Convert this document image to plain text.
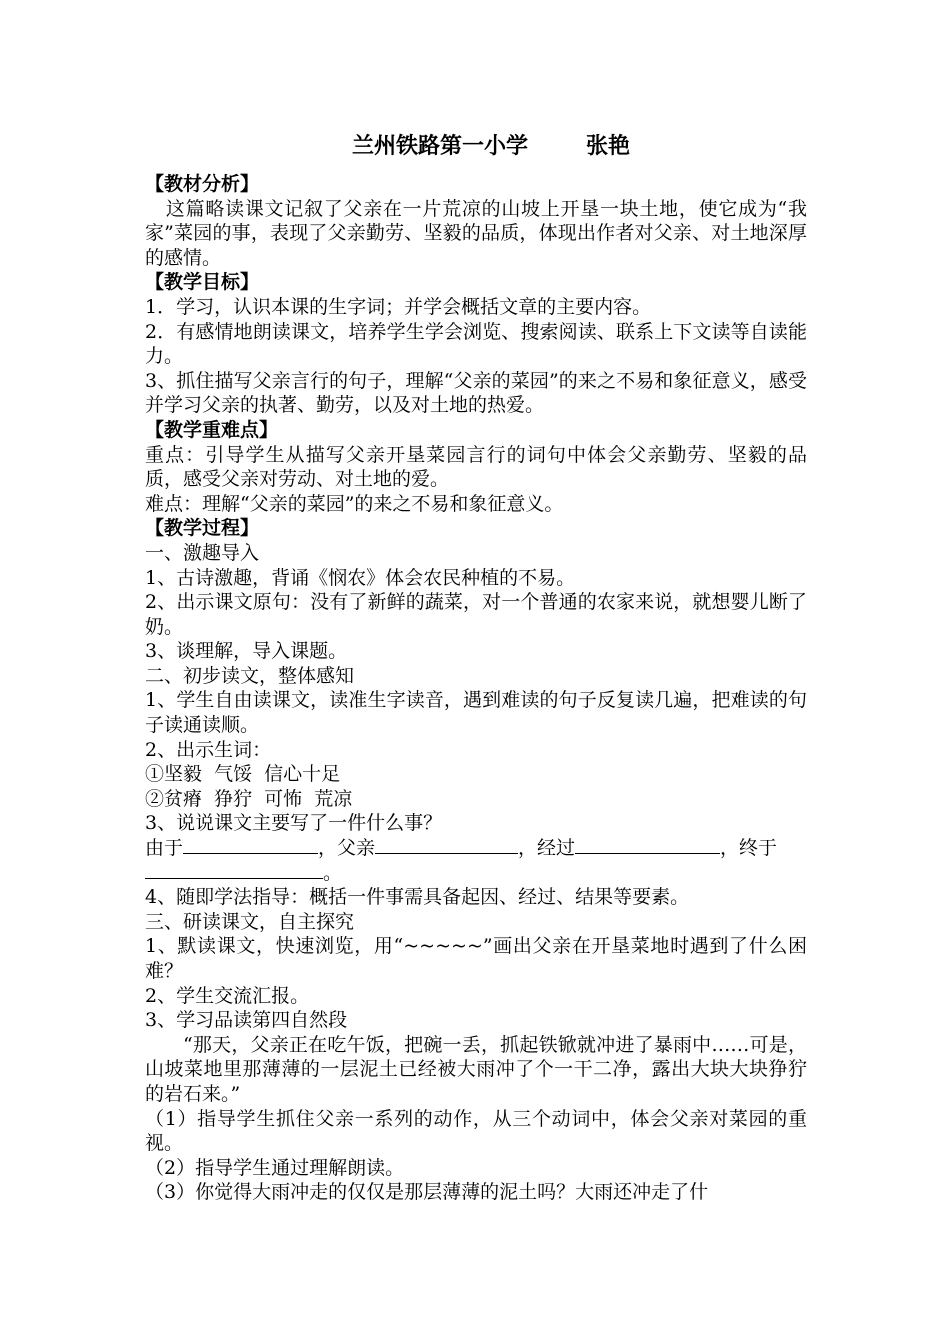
兰州铁路第一小学	张艳

【教材分析】

这篇略读课文记叙了父亲在一片荒凉的山坡上开垦一块土地，使它成为“我家”菜园的事，表现了父亲勤劳、坚毅的品质，体现出作者对父亲、对土地深厚的感情。

【教学目标】

1．学习，认识本课的生字词；并学会概括文章的主要内容。

2．有感情地朗读课文，培养学生学会浏览、搜索阅读、联系上下文读等自读能力。

3、抓住描写父亲言行的句子，理解“父亲的菜园”的来之不易和象征意义，感受并学习父亲的执著、勤劳，以及对土地的热爱。

【教学重难点】

重点：引导学生从描写父亲开垦菜园言行的词句中体会父亲勤劳、坚毅的品质，感受父亲对劳动、对土地的爱。

难点：理解“父亲的菜园”的来之不易和象征意义。

【教学过程】

一、激趣导入

1、古诗激趣，背诵《悯农》体会农民种植的不易。

2、出示课文原句：没有了新鲜的蔬菜，对一个普通的农家来说，就想婴儿断了奶。

3、谈理解，导入课题。

二、初步读文，整体感知

1、学生自由读课文，读准生字读音，遇到难读的句子反复读几遍，把难读的句子读通读顺。

2、出示生词：

①坚毅  气馁  信心十足

②贫瘠  狰狞  可怖  荒凉

3、说说课文主要写了一件什么事？

由于	，父亲	，经过	，终于
。

4、随即学法指导：概括一件事需具备起因、经过、结果等要素。

三、研读课文，自主探究

1、默读课文，快速浏览，用“~~~~~”画出父亲在开垦菜地时遇到了什么困难？

2、学生交流汇报。

3、学习品读第四自然段

“那天，父亲正在吃午饭，把碗一丢，抓起铁锨就冲进了暴雨中……可是，山坡菜地里那薄薄的一层泥土已经被大雨冲了个一干二净，露出大块大块狰狞的岩石来。”

（1）指导学生抓住父亲一系列的动作，从三个动词中，体会父亲对菜园的重视。

（2）指导学生通过理解朗读。

（3）你觉得大雨冲走的仅仅是那层薄薄的泥土吗？大雨还冲走了什
